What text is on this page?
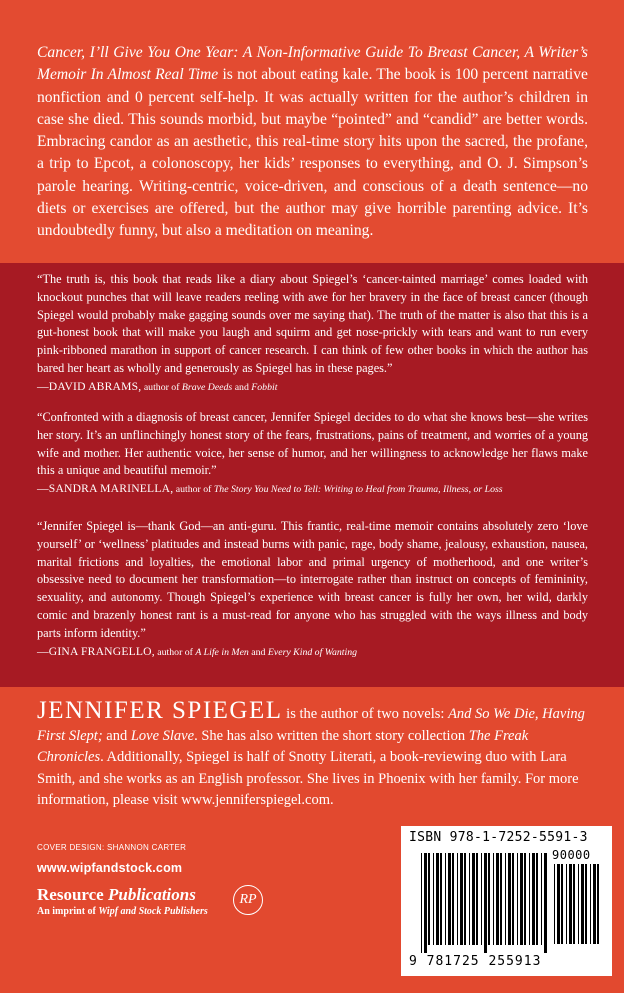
Cancer, I’ll Give You One Year: A Non-Informative Guide To Breast Cancer, A Writer’s Memoir In Almost Real Time is not about eating kale. The book is 100 percent narrative nonfiction and 0 percent self-help. It was actually written for the author’s children in case she died. This sounds morbid, but maybe “pointed” and “candid” are better words. Embracing candor as an aesthetic, this real-time story hits upon the sacred, the profane, a trip to Epcot, a colonoscopy, her kids’ responses to everything, and O. J. Simpson’s parole hearing. Writing-centric, voice-driven, and conscious of a death sentence—no diets or exercises are offered, but the author may give horrible parenting advice. It’s undoubtedly funny, but also a meditation on meaning.

“The truth is, this book that reads like a diary about Spiegel’s ‘cancer-tainted marriage’ comes loaded with knockout punches that will leave readers reeling with awe for her bravery in the face of breast cancer (though Spiegel would probably make gagging sounds over me saying that). The truth of the matter is also that this is a gut-honest book that will make you laugh and squirm and get nose-prickly with tears and want to run every pink-ribboned marathon in support of cancer research. I can think of few other books in which the author has bared her heart as wholly and generously as Spiegel has in these pages.”
—DAVID ABRAMS, author of Brave Deeds and Fobbit
“Confronted with a diagnosis of breast cancer, Jennifer Spiegel decides to do what she knows best—she writes her story. It’s an unflinchingly honest story of the fears, frustrations, pains of treatment, and worries of a young wife and mother. Her authentic voice, her sense of humor, and her willingness to acknowledge her flaws make this a unique and beautiful memoir.”
—SANDRA MARINELLA, author of The Story You Need to Tell: Writing to Heal from Trauma, Illness, or Loss
“Jennifer Spiegel is—thank God—an anti-guru. This frantic, real-time memoir contains absolutely zero ‘love yourself’ or ‘wellness’ platitudes and instead burns with panic, rage, body shame, jealousy, exhaustion, nausea, marital frictions and loyalties, the emotional labor and primal urgency of motherhood, and one writer’s obsessive need to document her transformation—to interrogate rather than instruct on concepts of femininity, sexuality, and autonomy. Though Spiegel’s experience with breast cancer is fully her own, her wild, darkly comic and brazenly honest rant is a must-read for anyone who has struggled with the ways illness and body parts inform identity.”
—GINA FRANGELLO, author of A Life in Men and Every Kind of Wanting

JENNIFER SPIEGEL is the author of two novels: And So We Die, Having First Slept; and Love Slave. She has also written the short story collection The Freak Chronicles. Additionally, Spiegel is half of Snotty Literati, a book-reviewing duo with Lara Smith, and she works as an English professor. She lives in Phoenix with her family. For more information, please visit www.jenniferspiegel.com.

COVER DESIGN: SHANNON CARTER
www.wipfandstock.com
Resource Publications
An imprint of Wipf and Stock Publishers
RP
ISBN 978-1-7252-5591-3
90000
9 781725 255913
